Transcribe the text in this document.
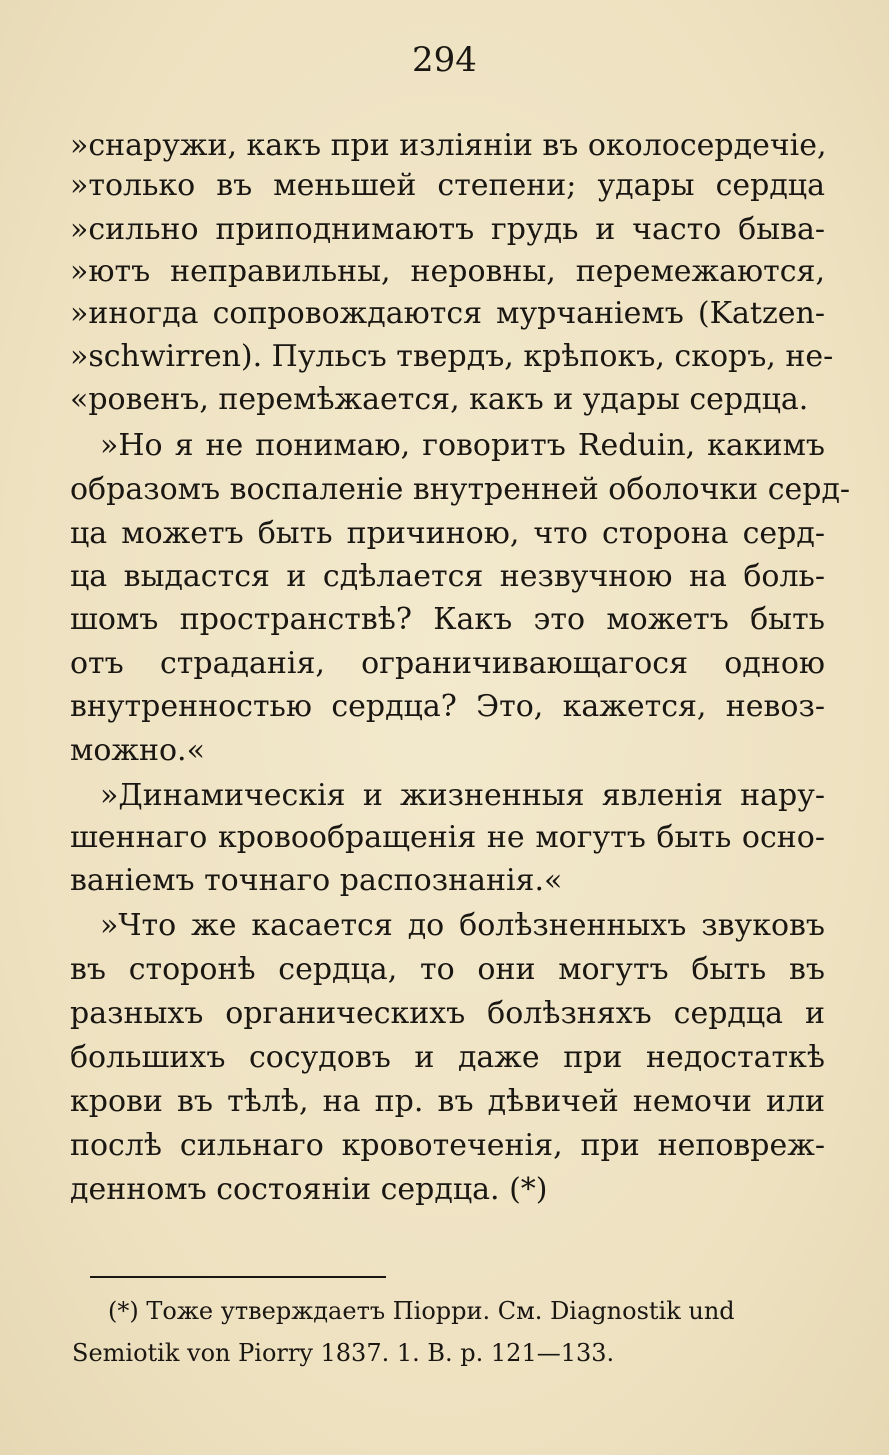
294
»снаружи, какъ при изліяніи въ околосердечіе,
»только въ меньшей степени; удары сердца
»сильно приподнимаютъ грудь и часто быва-
»ютъ неправильны, неровны, перемежаются,
»иногда сопровождаются мурчаніемъ (Katzen-
»schwirren). Пульсъ твердъ, крѣпокъ, скоръ, не-
«ровенъ, перемѣжается, какъ и удары сердца.
»Но я не понимаю, говоритъ Reduin, какимъ
образомъ воспаленіе внутренней оболочки серд-
ца можетъ быть причиною, что сторона серд-
ца выдастся и сдѣлается незвучною на боль-
шомъ пространствѣ? Какъ это можетъ быть
отъ страданія, ограничивающагося одною
внутренностью сердца? Это, кажется, невоз-
можно.«
»Динамическія и жизненныя явленія нару-
шеннаго кровообращенія не могутъ быть осно-
ваніемъ точнаго распознанія.«
»Что же касается до болѣзненныхъ звуковъ
въ сторонѣ сердца, то они могутъ быть въ
разныхъ органическихъ болѣзняхъ сердца и
большихъ сосудовъ и даже при недостаткѣ
крови въ тѣлѣ, на пр. въ дѣвичей немочи или
послѣ сильнаго кровотеченія, при неповреж-
денномъ состояніи сердца. (*)
(*) Тоже утверждаетъ Піорри. См. Diagnostik und
Semiotik von Piorry 1837. 1. B. p. 121—133.
